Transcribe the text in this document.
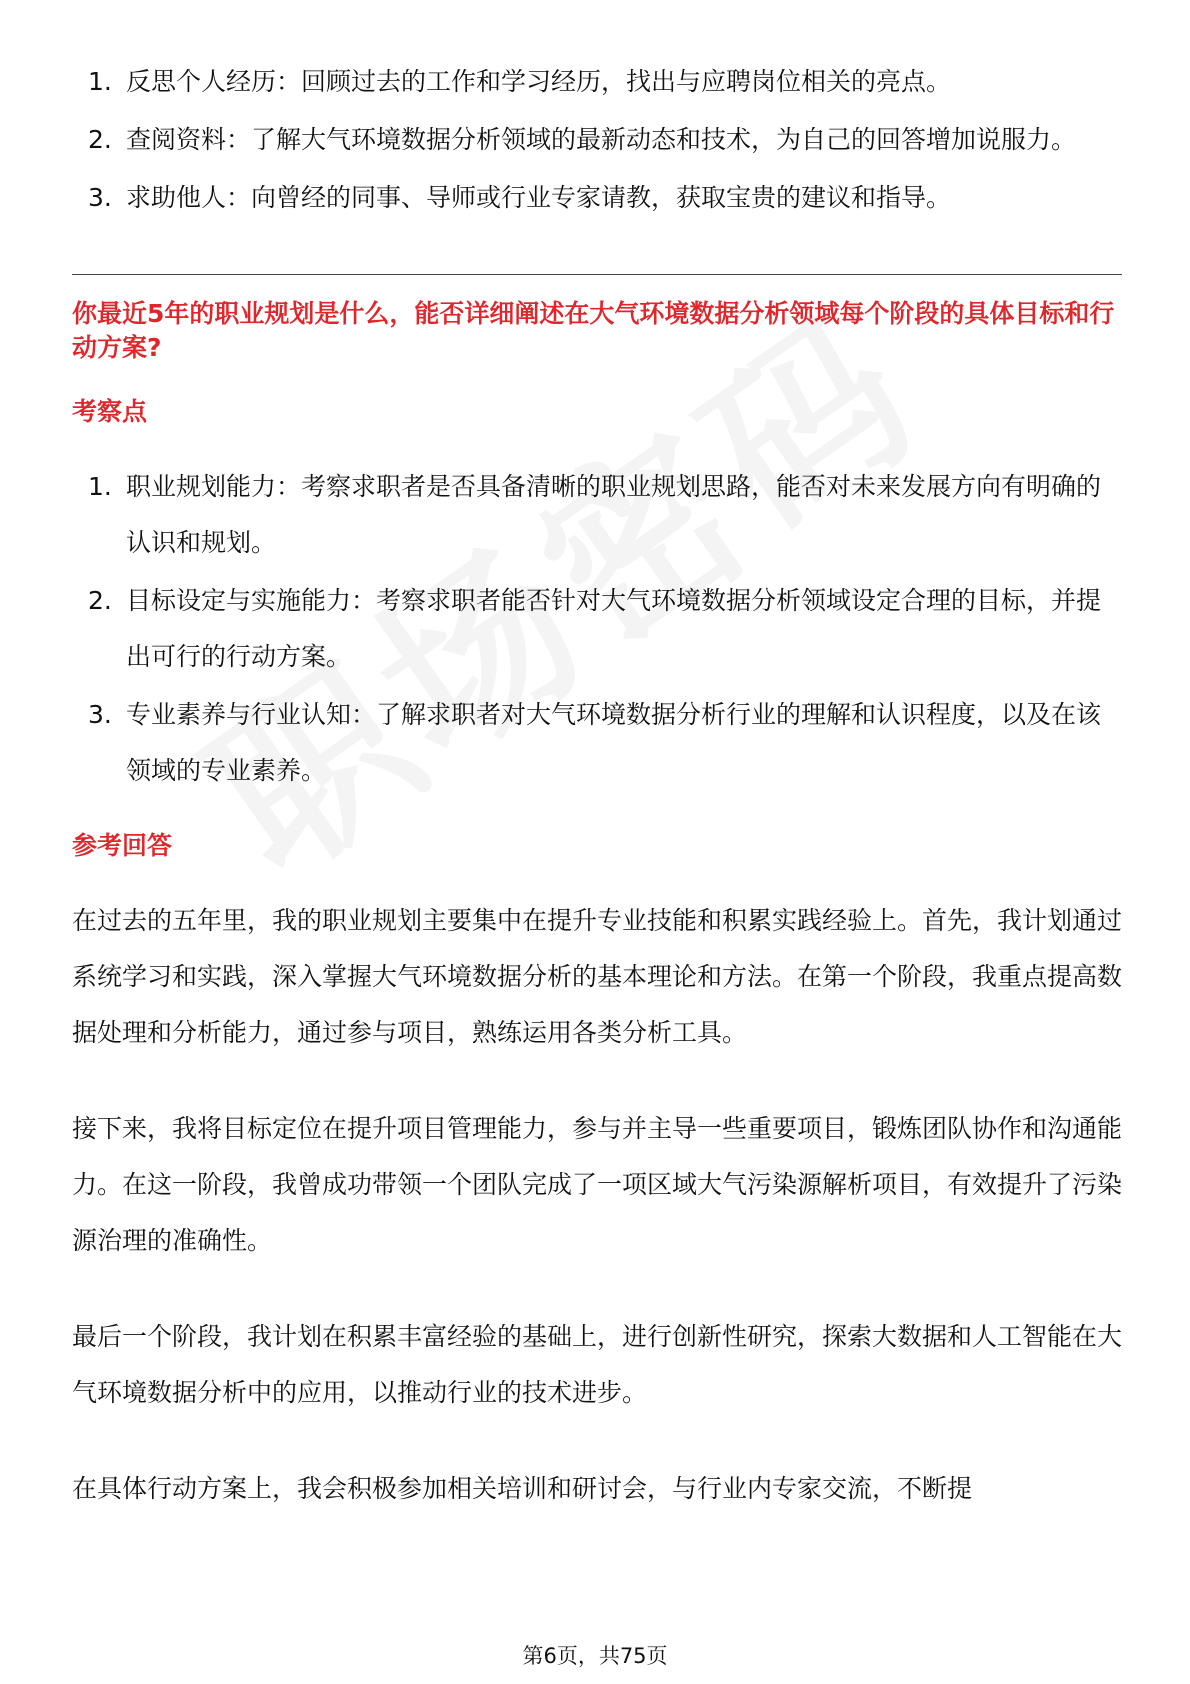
1. 反思个人经历：回顾过去的工作和学习经历，找出与应聘岗位相关的亮点。
2. 查阅资料：了解大气环境数据分析领域的最新动态和技术，为自己的回答增加说服力。
3. 求助他人：向曾经的同事、导师或行业专家请教，获取宝贵的建议和指导。
你最近5年的职业规划是什么，能否详细阐述在大气环境数据分析领域每个阶段的具体目标和行动方案?
考察点
1. 职业规划能力：考察求职者是否具备清晰的职业规划思路，能否对未来发展方向有明确的认识和规划。
2. 目标设定与实施能力：考察求职者能否针对大气环境数据分析领域设定合理的目标，并提出可行的行动方案。
3. 专业素养与行业认知：了解求职者对大气环境数据分析行业的理解和认识程度，以及在该领域的专业素养。
参考回答

在过去的五年里，我的职业规划主要集中在提升专业技能和积累实践经验上。首先，我计划通过系统学习和实践，深入掌握大气环境数据分析的基本理论和方法。在第一个阶段，我重点提高数据处理和分析能力，通过参与项目，熟练运用各类分析工具。

接下来，我将目标定位在提升项目管理能力，参与并主导一些重要项目，锻炼团队协作和沟通能力。在这一阶段，我曾成功带领一个团队完成了一项区域大气污染源解析项目，有效提升了污染源治理的准确性。

最后一个阶段，我计划在积累丰富经验的基础上，进行创新性研究，探索大数据和人工智能在大气环境数据分析中的应用，以推动行业的技术进步。

在具体行动方案上，我会积极参加相关培训和研讨会，与行业内专家交流，不断提

第6页，共75页
